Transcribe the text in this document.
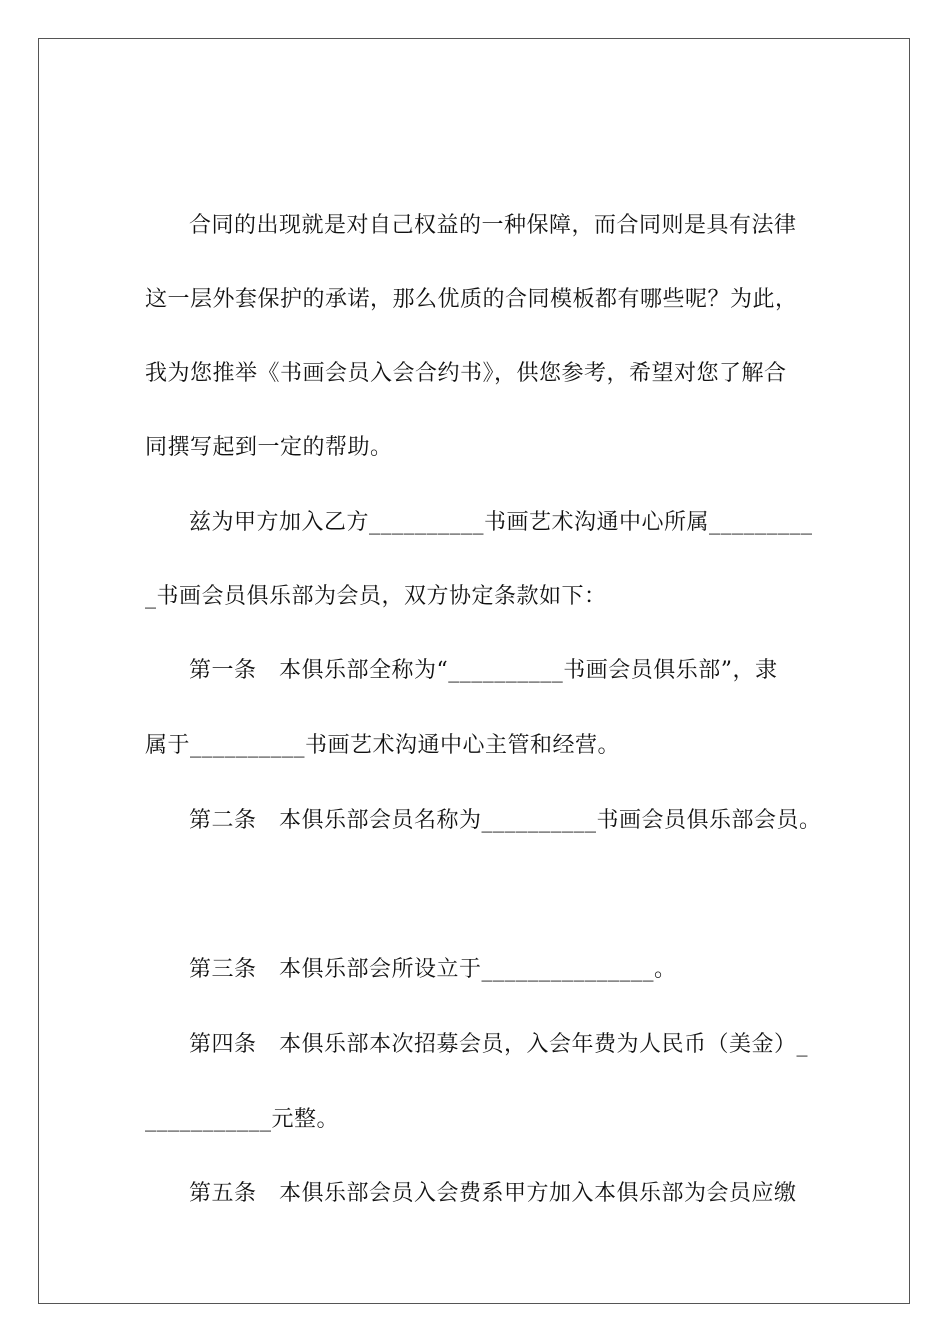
合同的出现就是对自己权益的一种保障，而合同则是具有法律
这一层外套保护的承诺，那么优质的合同模板都有哪些呢？为此，
我为您推举《书画会员入会合约书》，供您参考，希望对您了解合
同撰写起到一定的帮助。
兹为甲方加入乙方__________书画艺术沟通中心所属_________
_书画会员俱乐部为会员，双方协定条款如下：
第一条　本俱乐部全称为“__________书画会员俱乐部”，隶
属于__________书画艺术沟通中心主管和经营。
第二条　本俱乐部会员名称为__________书画会员俱乐部会员。
第三条　本俱乐部会所设立于_______________。
第四条　本俱乐部本次招募会员，入会年费为人民币（美金）_
___________元整。
第五条　本俱乐部会员入会费系甲方加入本俱乐部为会员应缴
